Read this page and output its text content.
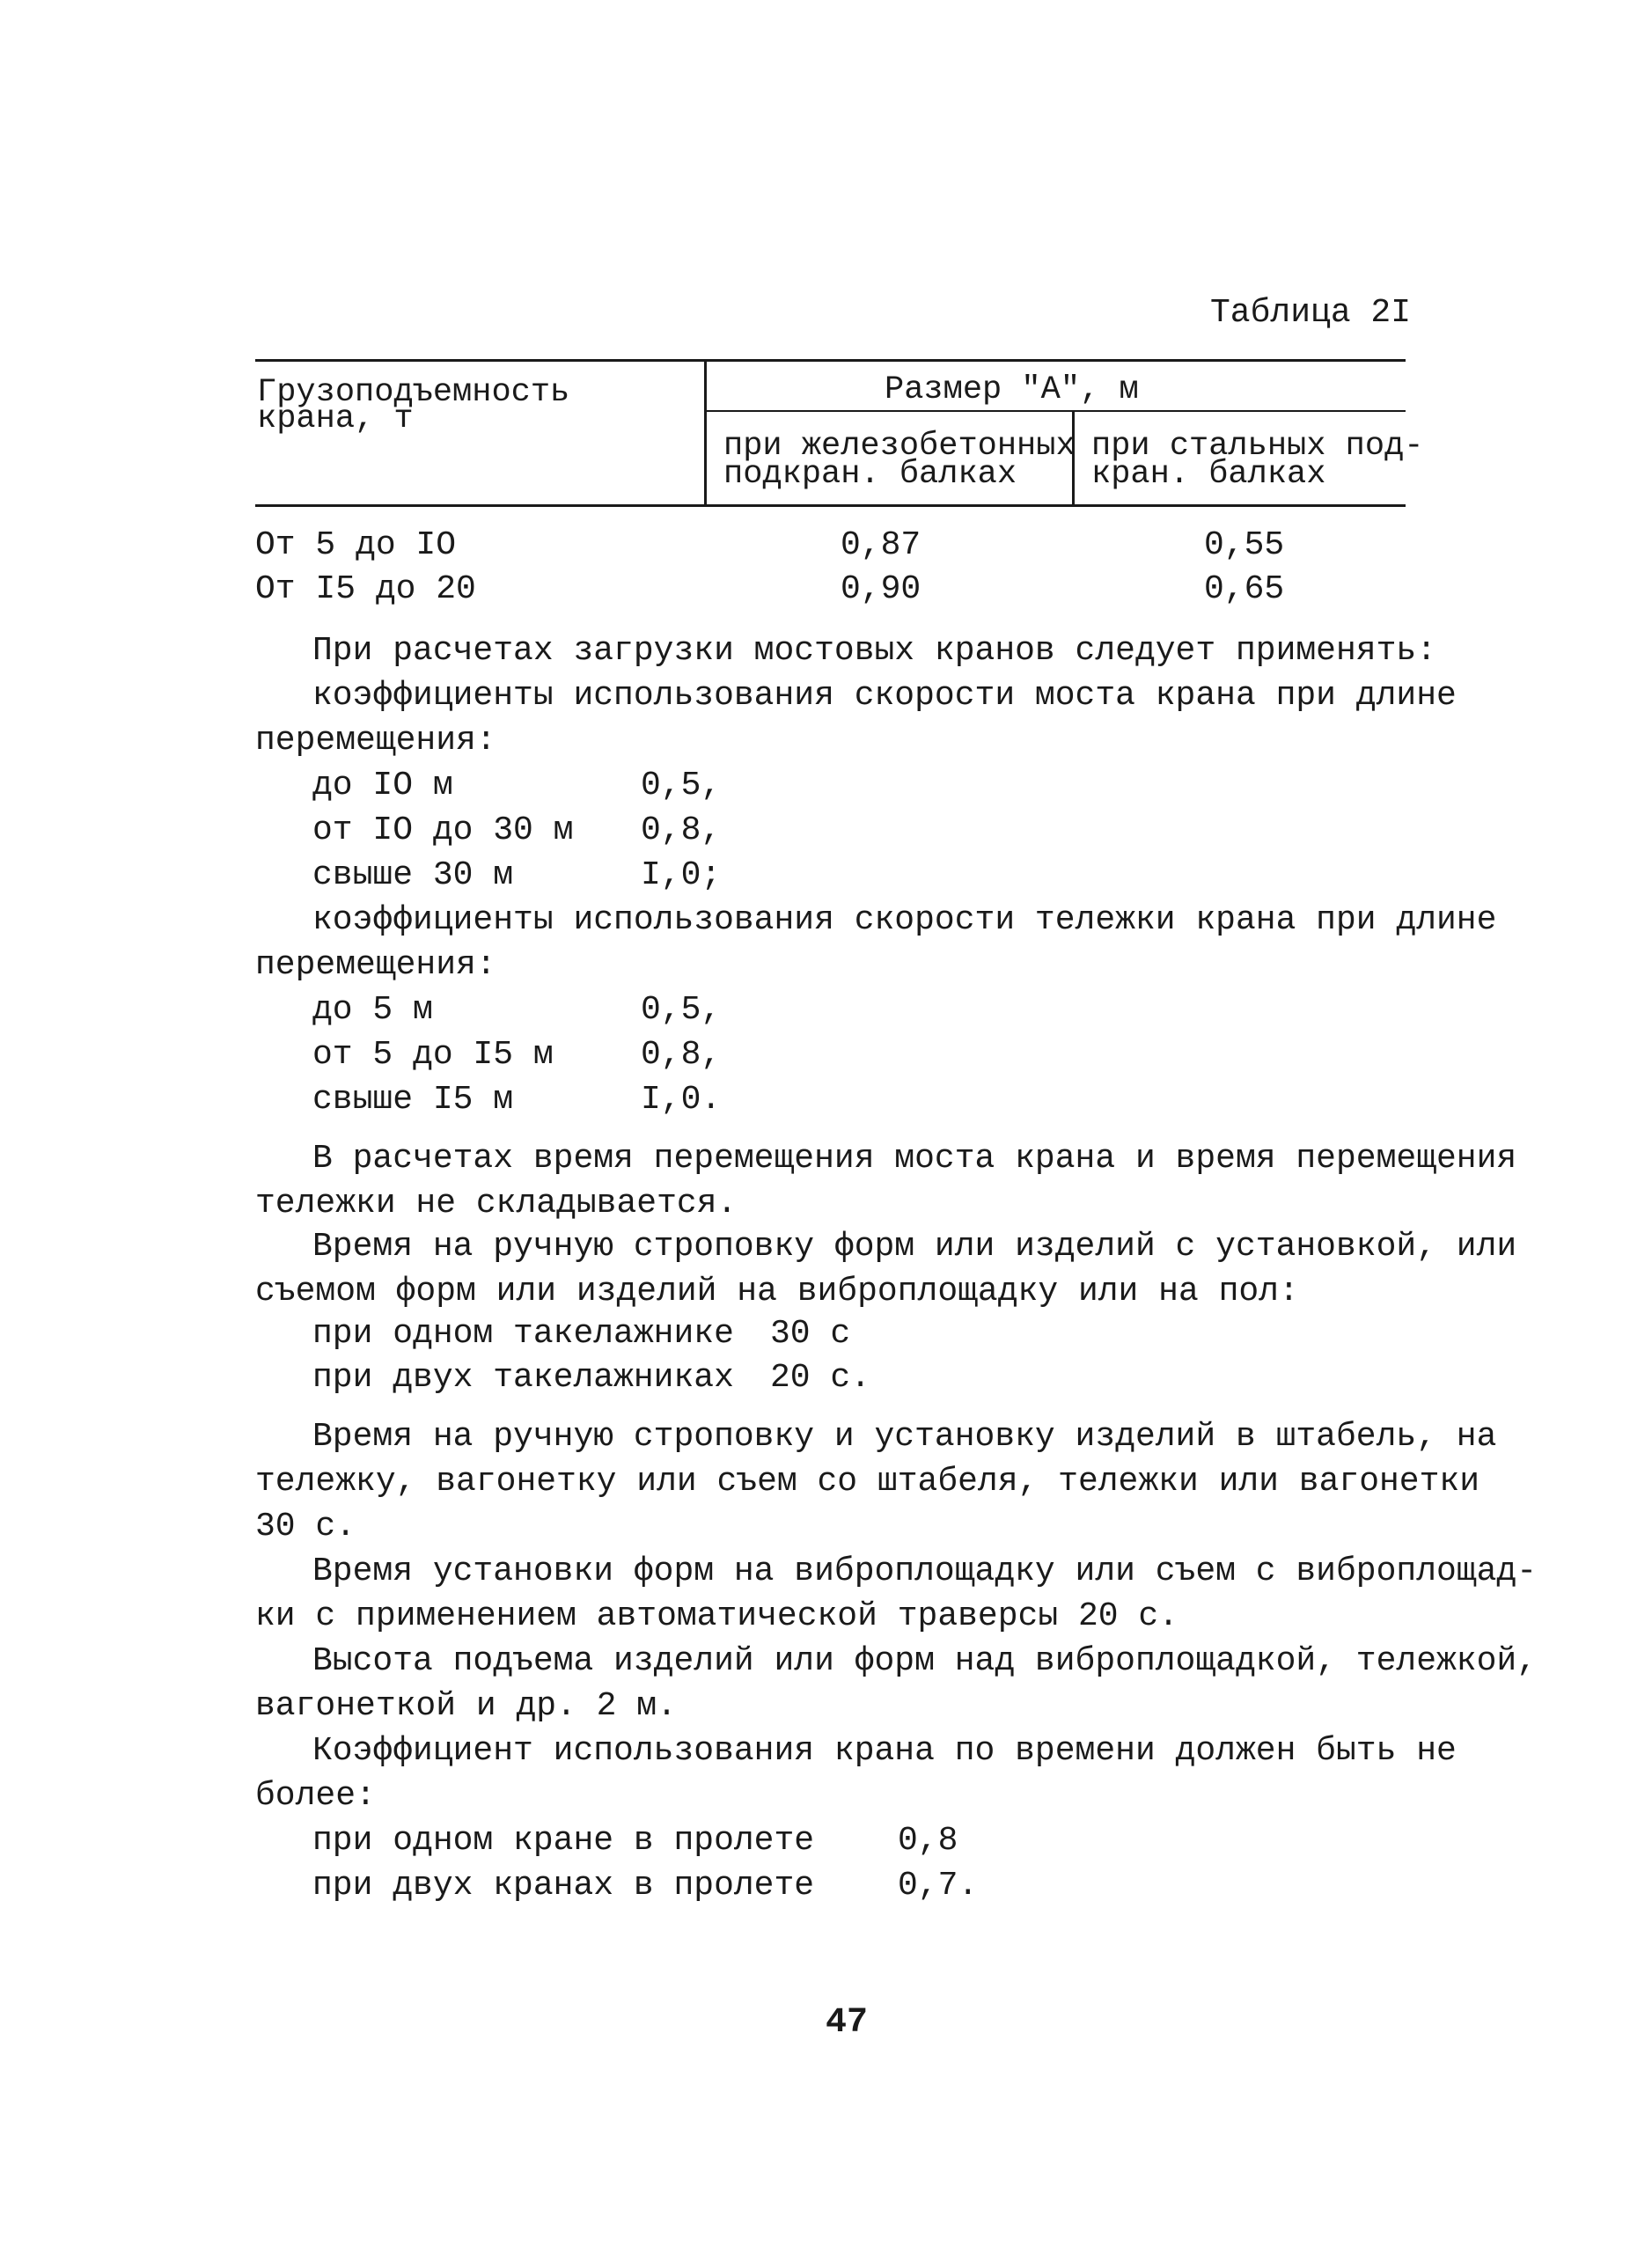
Таблица 2I
Грузоподъемность
крана, т
Размер "А", м
при железобетонных
подкран. балках
при стальных под-
кран. балках
От 5 до IO	0,87	0,55
От I5 до 20	0,90	0,65
При расчетах загрузки мостовых кранов следует применять:
коэффициенты использования скорости моста крана при длине
перемещения:
до IO м	0,5,
от IO до 30 м 0,8,
свыше 30 м	I,0;
коэффициенты использования скорости тележки крана при длине
перемещения:
до 5 м	0,5,
от 5 до I5 м	0,8,
свыше I5 м	I,0.
В расчетах время перемещения моста крана и время перемещения
тележки не складывается.
Время на ручную строповку форм или изделий с установкой, или
съемом форм или изделий на виброплощадку или на пол:
при одном такелажнике 30 с
при двух такелажниках 20 с.
Время на ручную строповку и установку изделий в штабель, на
тележку, вагонетку или съем со штабеля, тележки или вагонетки
30 с.
Время установки форм на виброплощадку или съем с виброплощад-
ки с применением автоматической траверсы 20 с.
Высота подъема изделий или форм над виброплощадкой, тележкой,
вагонеткой и др. 2 м.
Коэффициент использования крана по времени должен быть не
более:
при одном кране в пролете 0,8
при двух кранах в пролете 0,7.
47
